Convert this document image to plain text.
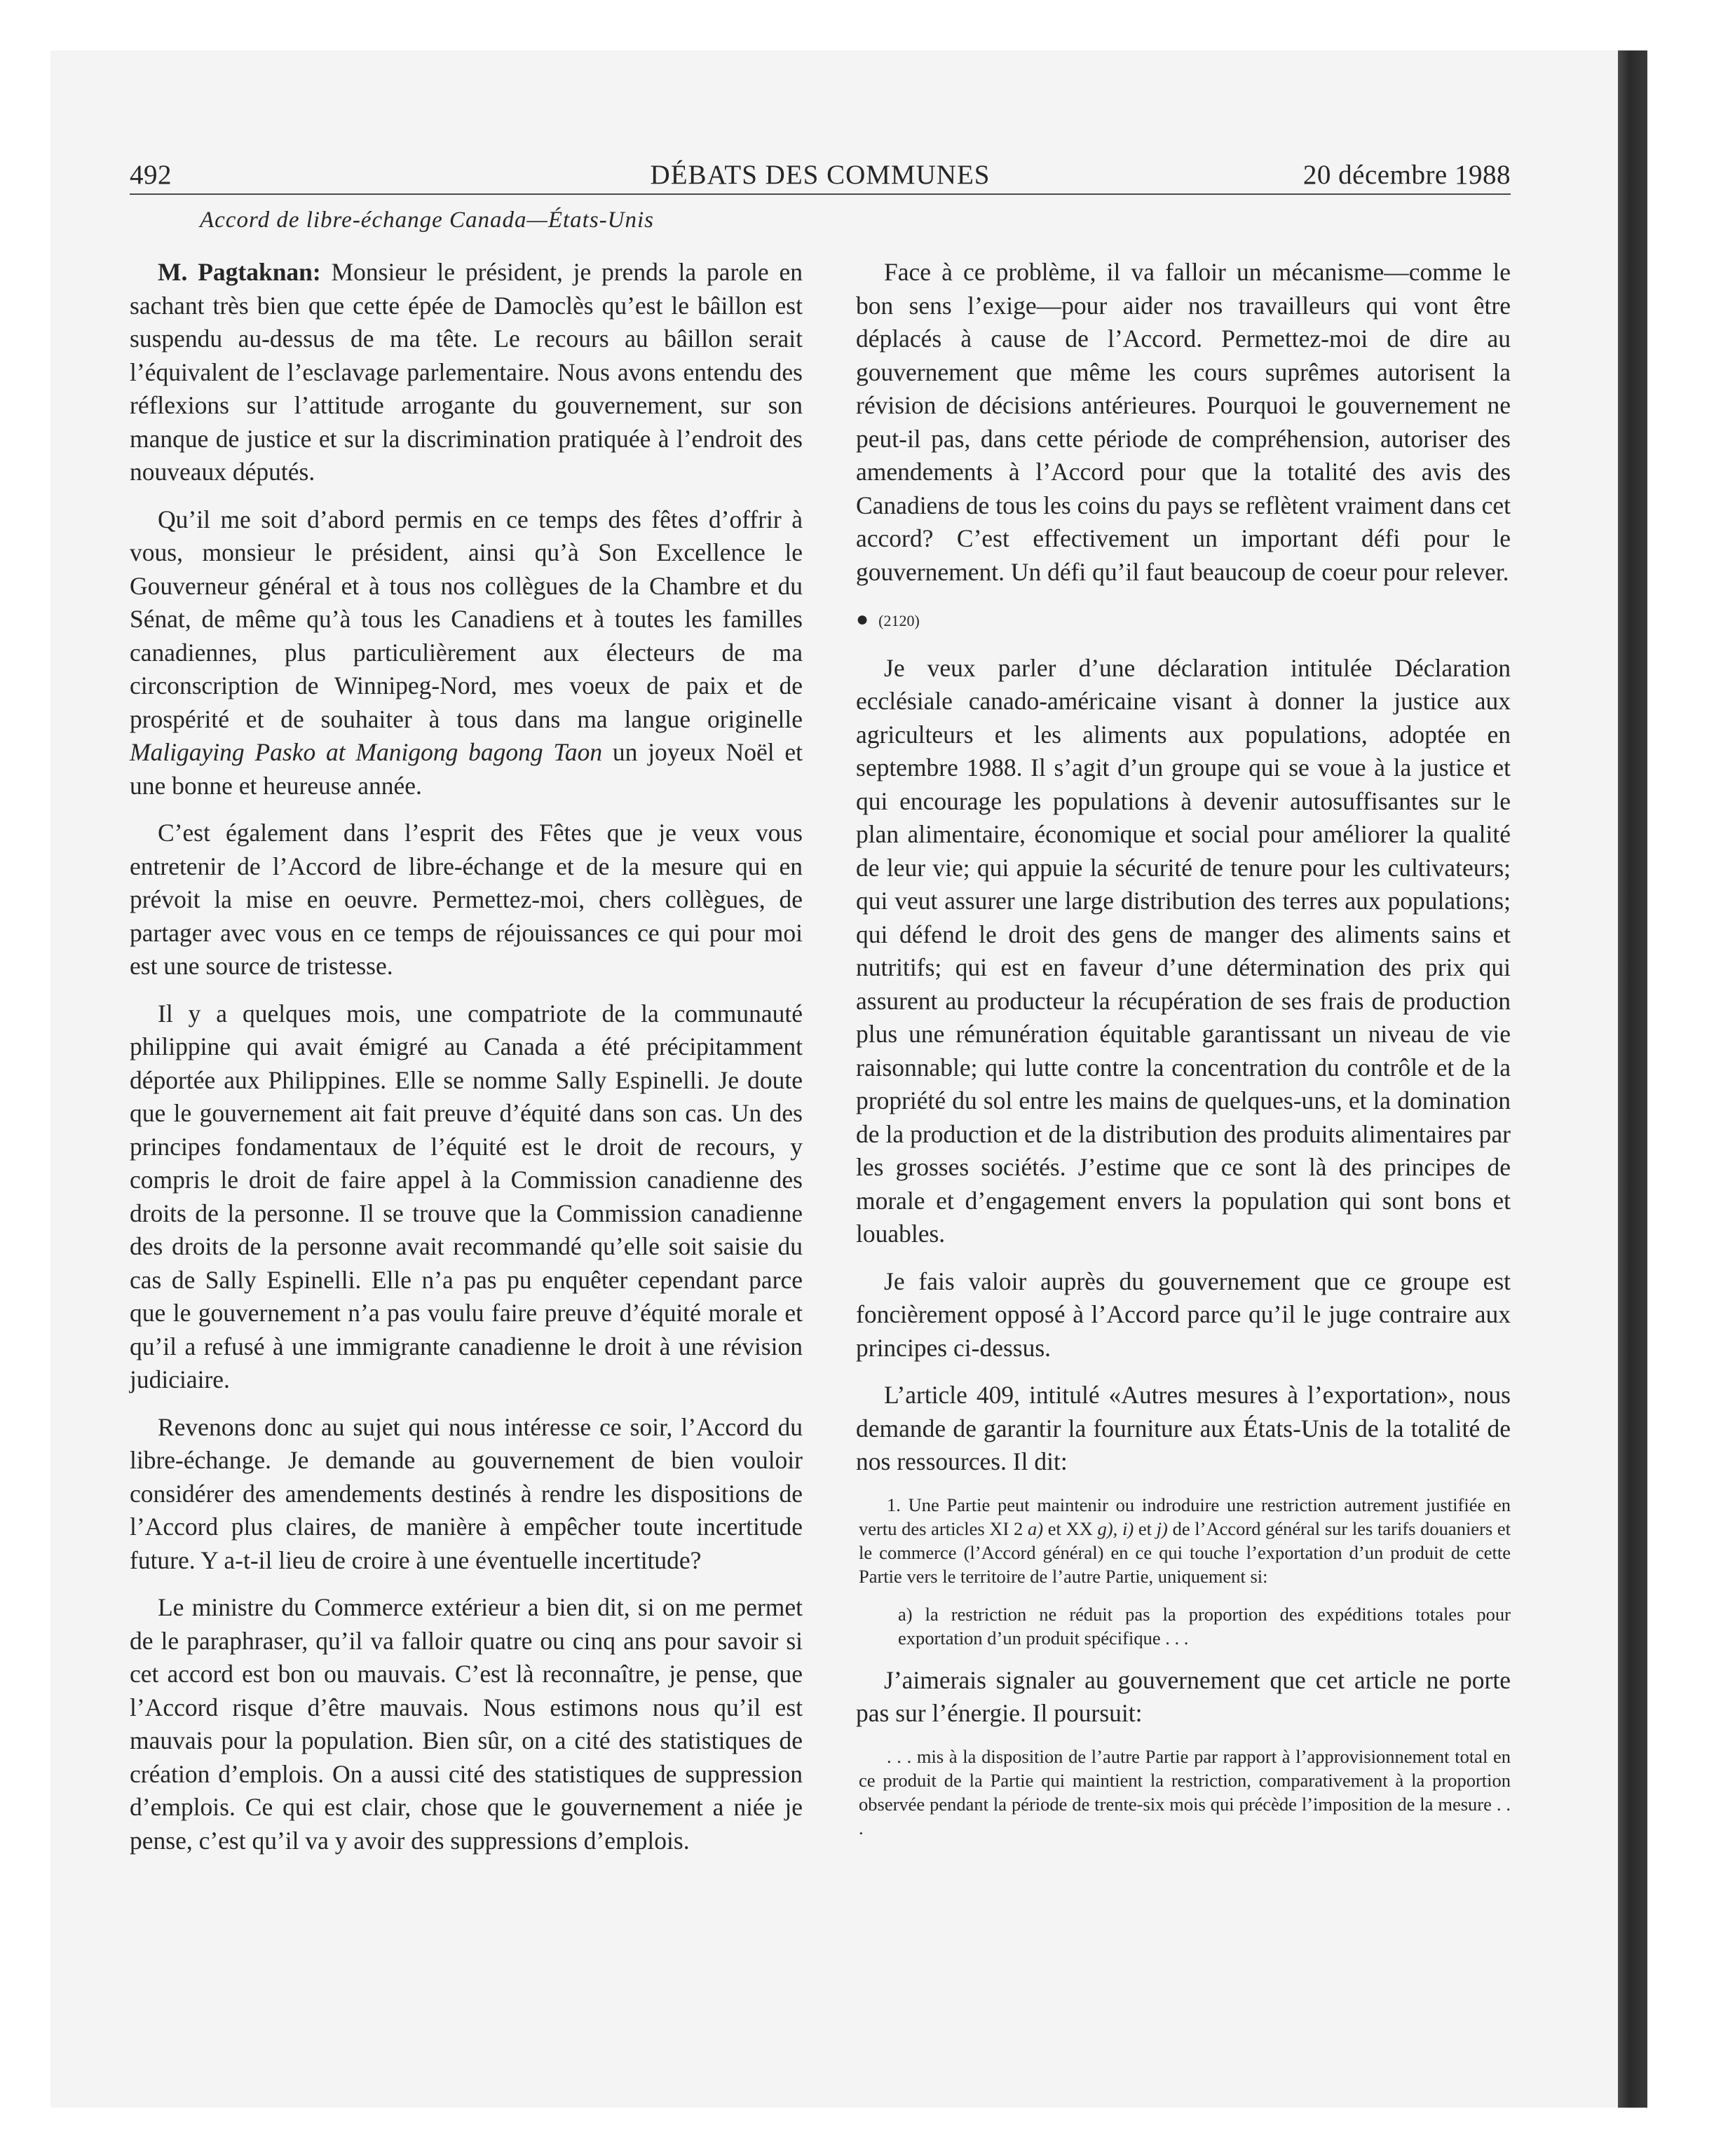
492	DÉBATS DES COMMUNES	20 décembre 1988
Accord de libre-échange Canada—États-Unis

M. Pagtaknan: Monsieur le président, je prends la parole en sachant très bien que cette épée de Damoclès qu’est le bâillon est suspendu au-dessus de ma tête. Le recours au bâillon serait l’équivalent de l’esclavage parlementaire. Nous avons entendu des réflexions sur l’attitude arrogante du gouvernement, sur son manque de justice et sur la discrimination pratiquée à l’endroit des nouveaux députés.

Qu’il me soit d’abord permis en ce temps des fêtes d’offrir à vous, monsieur le président, ainsi qu’à Son Excellence le Gouverneur général et à tous nos collègues de la Chambre et du Sénat, de même qu’à tous les Canadiens et à toutes les familles canadiennes, plus particulièrement aux électeurs de ma circonscription de Winnipeg-Nord, mes voeux de paix et de prospérité et de souhaiter à tous dans ma langue originelle Maligaying Pasko at Manigong bagong Taon un joyeux Noël et une bonne et heureuse année.

C’est également dans l’esprit des Fêtes que je veux vous entretenir de l’Accord de libre-échange et de la mesure qui en prévoit la mise en oeuvre. Permettez-moi, chers collègues, de partager avec vous en ce temps de réjouissances ce qui pour moi est une source de tristesse.

Il y a quelques mois, une compatriote de la communauté philippine qui avait émigré au Canada a été précipitamment déportée aux Philippines. Elle se nomme Sally Espinelli. Je doute que le gouvernement ait fait preuve d’équité dans son cas. Un des principes fondamentaux de l’équité est le droit de recours, y compris le droit de faire appel à la Commission canadienne des droits de la personne. Il se trouve que la Commission canadienne des droits de la personne avait recommandé qu’elle soit saisie du cas de Sally Espinelli. Elle n’a pas pu enquêter cependant parce que le gouvernement n’a pas voulu faire preuve d’équité morale et qu’il a refusé à une immigrante canadienne le droit à une révision judiciaire.

Revenons donc au sujet qui nous intéresse ce soir, l’Accord du libre-échange. Je demande au gouvernement de bien vouloir considérer des amendements destinés à rendre les dispositions de l’Accord plus claires, de manière à empêcher toute incertitude future. Y a-t-il lieu de croire à une éventuelle incertitude?

Le ministre du Commerce extérieur a bien dit, si on me permet de le paraphraser, qu’il va falloir quatre ou cinq ans pour savoir si cet accord est bon ou mauvais. C’est là reconnaître, je pense, que l’Accord risque d’être mauvais. Nous estimons nous qu’il est mauvais pour la population. Bien sûr, on a cité des statistiques de création d’emplois. On a aussi cité des statistiques de suppression d’emplois. Ce qui est clair, chose que le gouvernement a niée je pense, c’est qu’il va y avoir des suppressions d’emplois.

Face à ce problème, il va falloir un mécanisme—comme le bon sens l’exige—pour aider nos travailleurs qui vont être déplacés à cause de l’Accord. Permettez-moi de dire au gouvernement que même les cours suprêmes autorisent la révision de décisions antérieures. Pourquoi le gouvernement ne peut-il pas, dans cette période de compréhension, autoriser des amendements à l’Accord pour que la totalité des avis des Canadiens de tous les coins du pays se reflètent vraiment dans cet accord? C’est effectivement un important défi pour le gouvernement. Un défi qu’il faut beaucoup de coeur pour relever.

● (2120)

Je veux parler d’une déclaration intitulée Déclaration ecclésiale canado-américaine visant à donner la justice aux agriculteurs et les aliments aux populations, adoptée en septembre 1988. Il s’agit d’un groupe qui se voue à la justice et qui encourage les populations à devenir autosuffisantes sur le plan alimentaire, économique et social pour améliorer la qualité de leur vie; qui appuie la sécurité de tenure pour les cultivateurs; qui veut assurer une large distribution des terres aux populations; qui défend le droit des gens de manger des aliments sains et nutritifs; qui est en faveur d’une détermination des prix qui assurent au producteur la récupération de ses frais de production plus une rémunération équitable garantissant un niveau de vie raisonnable; qui lutte contre la concentration du contrôle et de la propriété du sol entre les mains de quelques-uns, et la domination de la production et de la distribution des produits alimentaires par les grosses sociétés. J’estime que ce sont là des principes de morale et d’engagement envers la population qui sont bons et louables.

Je fais valoir auprès du gouvernement que ce groupe est foncièrement opposé à l’Accord parce qu’il le juge contraire aux principes ci-dessus.

L’article 409, intitulé «Autres mesures à l’exportation», nous demande de garantir la fourniture aux États-Unis de la totalité de nos ressources. Il dit:

1. Une Partie peut maintenir ou indroduire une restriction autrement justifiée en vertu des articles XI 2 a) et XX g), i) et j) de l’Accord général sur les tarifs douaniers et le commerce (l’Accord général) en ce qui touche l’exportation d’un produit de cette Partie vers le territoire de l’autre Partie, uniquement si:

a) la restriction ne réduit pas la proportion des expéditions totales pour exportation d’un produit spécifique . . .

J’aimerais signaler au gouvernement que cet article ne porte pas sur l’énergie. Il poursuit:

. . . mis à la disposition de l’autre Partie par rapport à l’approvisionnement total en ce produit de la Partie qui maintient la restriction, comparativement à la proportion observée pendant la période de trente-six mois qui précède l’imposition de la mesure . . .
